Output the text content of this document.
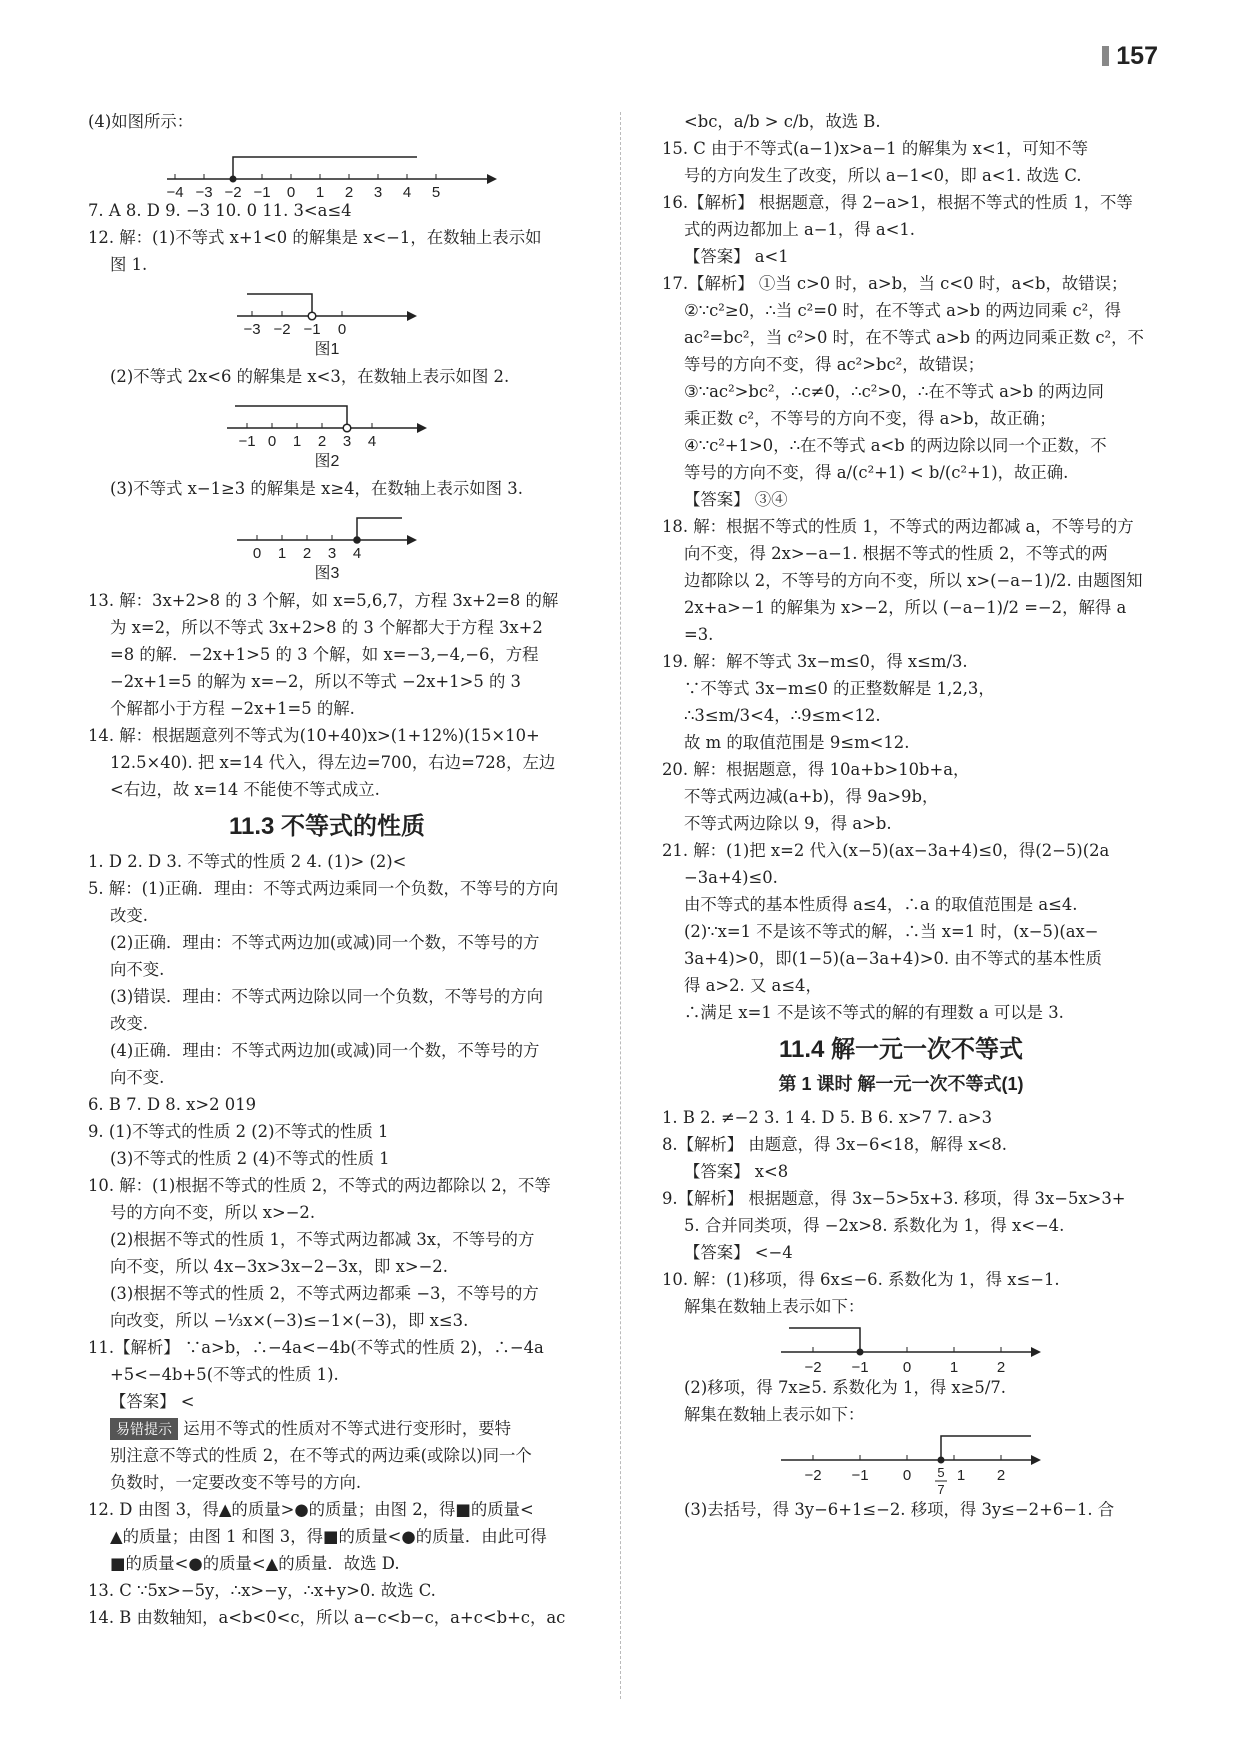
157
(4)如图所示：
−4 −3 −2 −1 0 1 2 3 4 5
7. A 8. D 9. −3 10. 0 11. 3<a≤4
12. 解：(1)不等式 x+1<0 的解集是 x<−1，在数轴上表示如
图 1.
−3 −2 −1 0
图1
(2)不等式 2x<6 的解集是 x<3，在数轴上表示如图 2.
−1 0 1 2 3 4
图2
(3)不等式 x−1≥3 的解集是 x≥4，在数轴上表示如图 3.
0 1 2 3 4
图3
13. 解：3x+2>8 的 3 个解，如 x=5,6,7，方程 3x+2=8 的解
为 x=2，所以不等式 3x+2>8 的 3 个解都大于方程 3x+2
=8 的解．−2x+1>5 的 3 个解，如 x=−3,−4,−6，方程
−2x+1=5 的解为 x=−2，所以不等式 −2x+1>5 的 3
个解都小于方程 −2x+1=5 的解.
14. 解：根据题意列不等式为(10+40)x>(1+12%)(15×10+
12.5×40). 把 x=14 代入，得左边=700，右边=728，左边
<右边，故 x=14 不能使不等式成立.
11.3 不等式的性质
1. D 2. D 3. 不等式的性质 2 4. (1)> (2)<
5. 解：(1)正确．理由：不等式两边乘同一个负数，不等号的方向
改变.
(2)正确．理由：不等式两边加(或减)同一个数，不等号的方
向不变.
(3)错误．理由：不等式两边除以同一个负数，不等号的方向
改变.
(4)正确．理由：不等式两边加(或减)同一个数，不等号的方
向不变.
6. B 7. D 8. x>2 019
9. (1)不等式的性质 2 (2)不等式的性质 1
(3)不等式的性质 2 (4)不等式的性质 1
10. 解：(1)根据不等式的性质 2，不等式的两边都除以 2，不等
号的方向不变，所以 x>−2.
(2)根据不等式的性质 1，不等式两边都减 3x，不等号的方
向不变，所以 4x−3x>3x−2−3x，即 x>−2.
(3)根据不等式的性质 2，不等式两边都乘 −3，不等号的方
向改变，所以 −⅓x×(−3)≤−1×(−3)，即 x≤3.
11.【解析】 ∵a>b，∴−4a<−4b(不等式的性质 2)，∴−4a
+5<−4b+5(不等式的性质 1).
【答案】 <
易错提示 运用不等式的性质对不等式进行变形时，要特
别注意不等式的性质 2，在不等式的两边乘(或除以)同一个
负数时，一定要改变不等号的方向.
12. D 由图 3，得▲的质量>●的质量；由图 2，得■的质量<
▲的质量；由图 1 和图 3，得■的质量<●的质量．由此可得
■的质量<●的质量<▲的质量．故选 D.
13. C ∵5x>−5y，∴x>−y，∴x+y>0. 故选 C.
14. B 由数轴知，a<b<0<c，所以 a−c<b−c，a+c<b+c，ac
<bc，a/b > c/b，故选 B.
15. C 由于不等式(a−1)x>a−1 的解集为 x<1，可知不等
号的方向发生了改变，所以 a−1<0，即 a<1. 故选 C.
16.【解析】 根据题意，得 2−a>1，根据不等式的性质 1，不等
式的两边都加上 a−1，得 a<1.
【答案】 a<1
17.【解析】 ①当 c>0 时，a>b，当 c<0 时，a<b，故错误；
②∵c²≥0，∴当 c²=0 时，在不等式 a>b 的两边同乘 c²，得
ac²=bc²，当 c²>0 时，在不等式 a>b 的两边同乘正数 c²，不
等号的方向不变，得 ac²>bc²，故错误；
③∵ac²>bc²，∴c≠0，∴c²>0，∴在不等式 a>b 的两边同
乘正数 c²，不等号的方向不变，得 a>b，故正确；
④∵c²+1>0，∴在不等式 a<b 的两边除以同一个正数，不
等号的方向不变，得 a/(c²+1) < b/(c²+1)，故正确.
【答案】 ③④
18. 解：根据不等式的性质 1，不等式的两边都减 a，不等号的方
向不变，得 2x>−a−1. 根据不等式的性质 2，不等式的两
边都除以 2，不等号的方向不变，所以 x>(−a−1)/2. 由题图知
2x+a>−1 的解集为 x>−2，所以 (−a−1)/2 =−2，解得 a
=3.
19. 解：解不等式 3x−m≤0，得 x≤m/3.
∵不等式 3x−m≤0 的正整数解是 1,2,3，
∴3≤m/3<4，∴9≤m<12.
故 m 的取值范围是 9≤m<12.
20. 解：根据题意，得 10a+b>10b+a，
不等式两边减(a+b)，得 9a>9b，
不等式两边除以 9，得 a>b.
21. 解：(1)把 x=2 代入(x−5)(ax−3a+4)≤0，得(2−5)(2a
−3a+4)≤0.
由不等式的基本性质得 a≤4，∴a 的取值范围是 a≤4.
(2)∵x=1 不是该不等式的解，∴当 x=1 时，(x−5)(ax−
3a+4)>0，即(1−5)(a−3a+4)>0. 由不等式的基本性质
得 a>2. 又 a≤4，
∴满足 x=1 不是该不等式的解的有理数 a 可以是 3.
11.4 解一元一次不等式
第 1 课时 解一元一次不等式(1)
1. B 2. ≠−2 3. 1 4. D 5. B 6. x>7 7. a>3
8.【解析】 由题意，得 3x−6<18，解得 x<8.
【答案】 x<8
9.【解析】 根据题意，得 3x−5>5x+3. 移项，得 3x−5x>3+
5. 合并同类项，得 −2x>8. 系数化为 1，得 x<−4.
【答案】 <−4
10. 解：(1)移项，得 6x≤−6. 系数化为 1，得 x≤−1.
解集在数轴上表示如下：
−2 −1 0	1	2
(2)移项，得 7x≥5. 系数化为 1，得 x≥5/7.
解集在数轴上表示如下：
−2 −1 0	1 2
5
7
(3)去括号，得 3y−6+1≤−2. 移项，得 3y≤−2+6−1. 合
